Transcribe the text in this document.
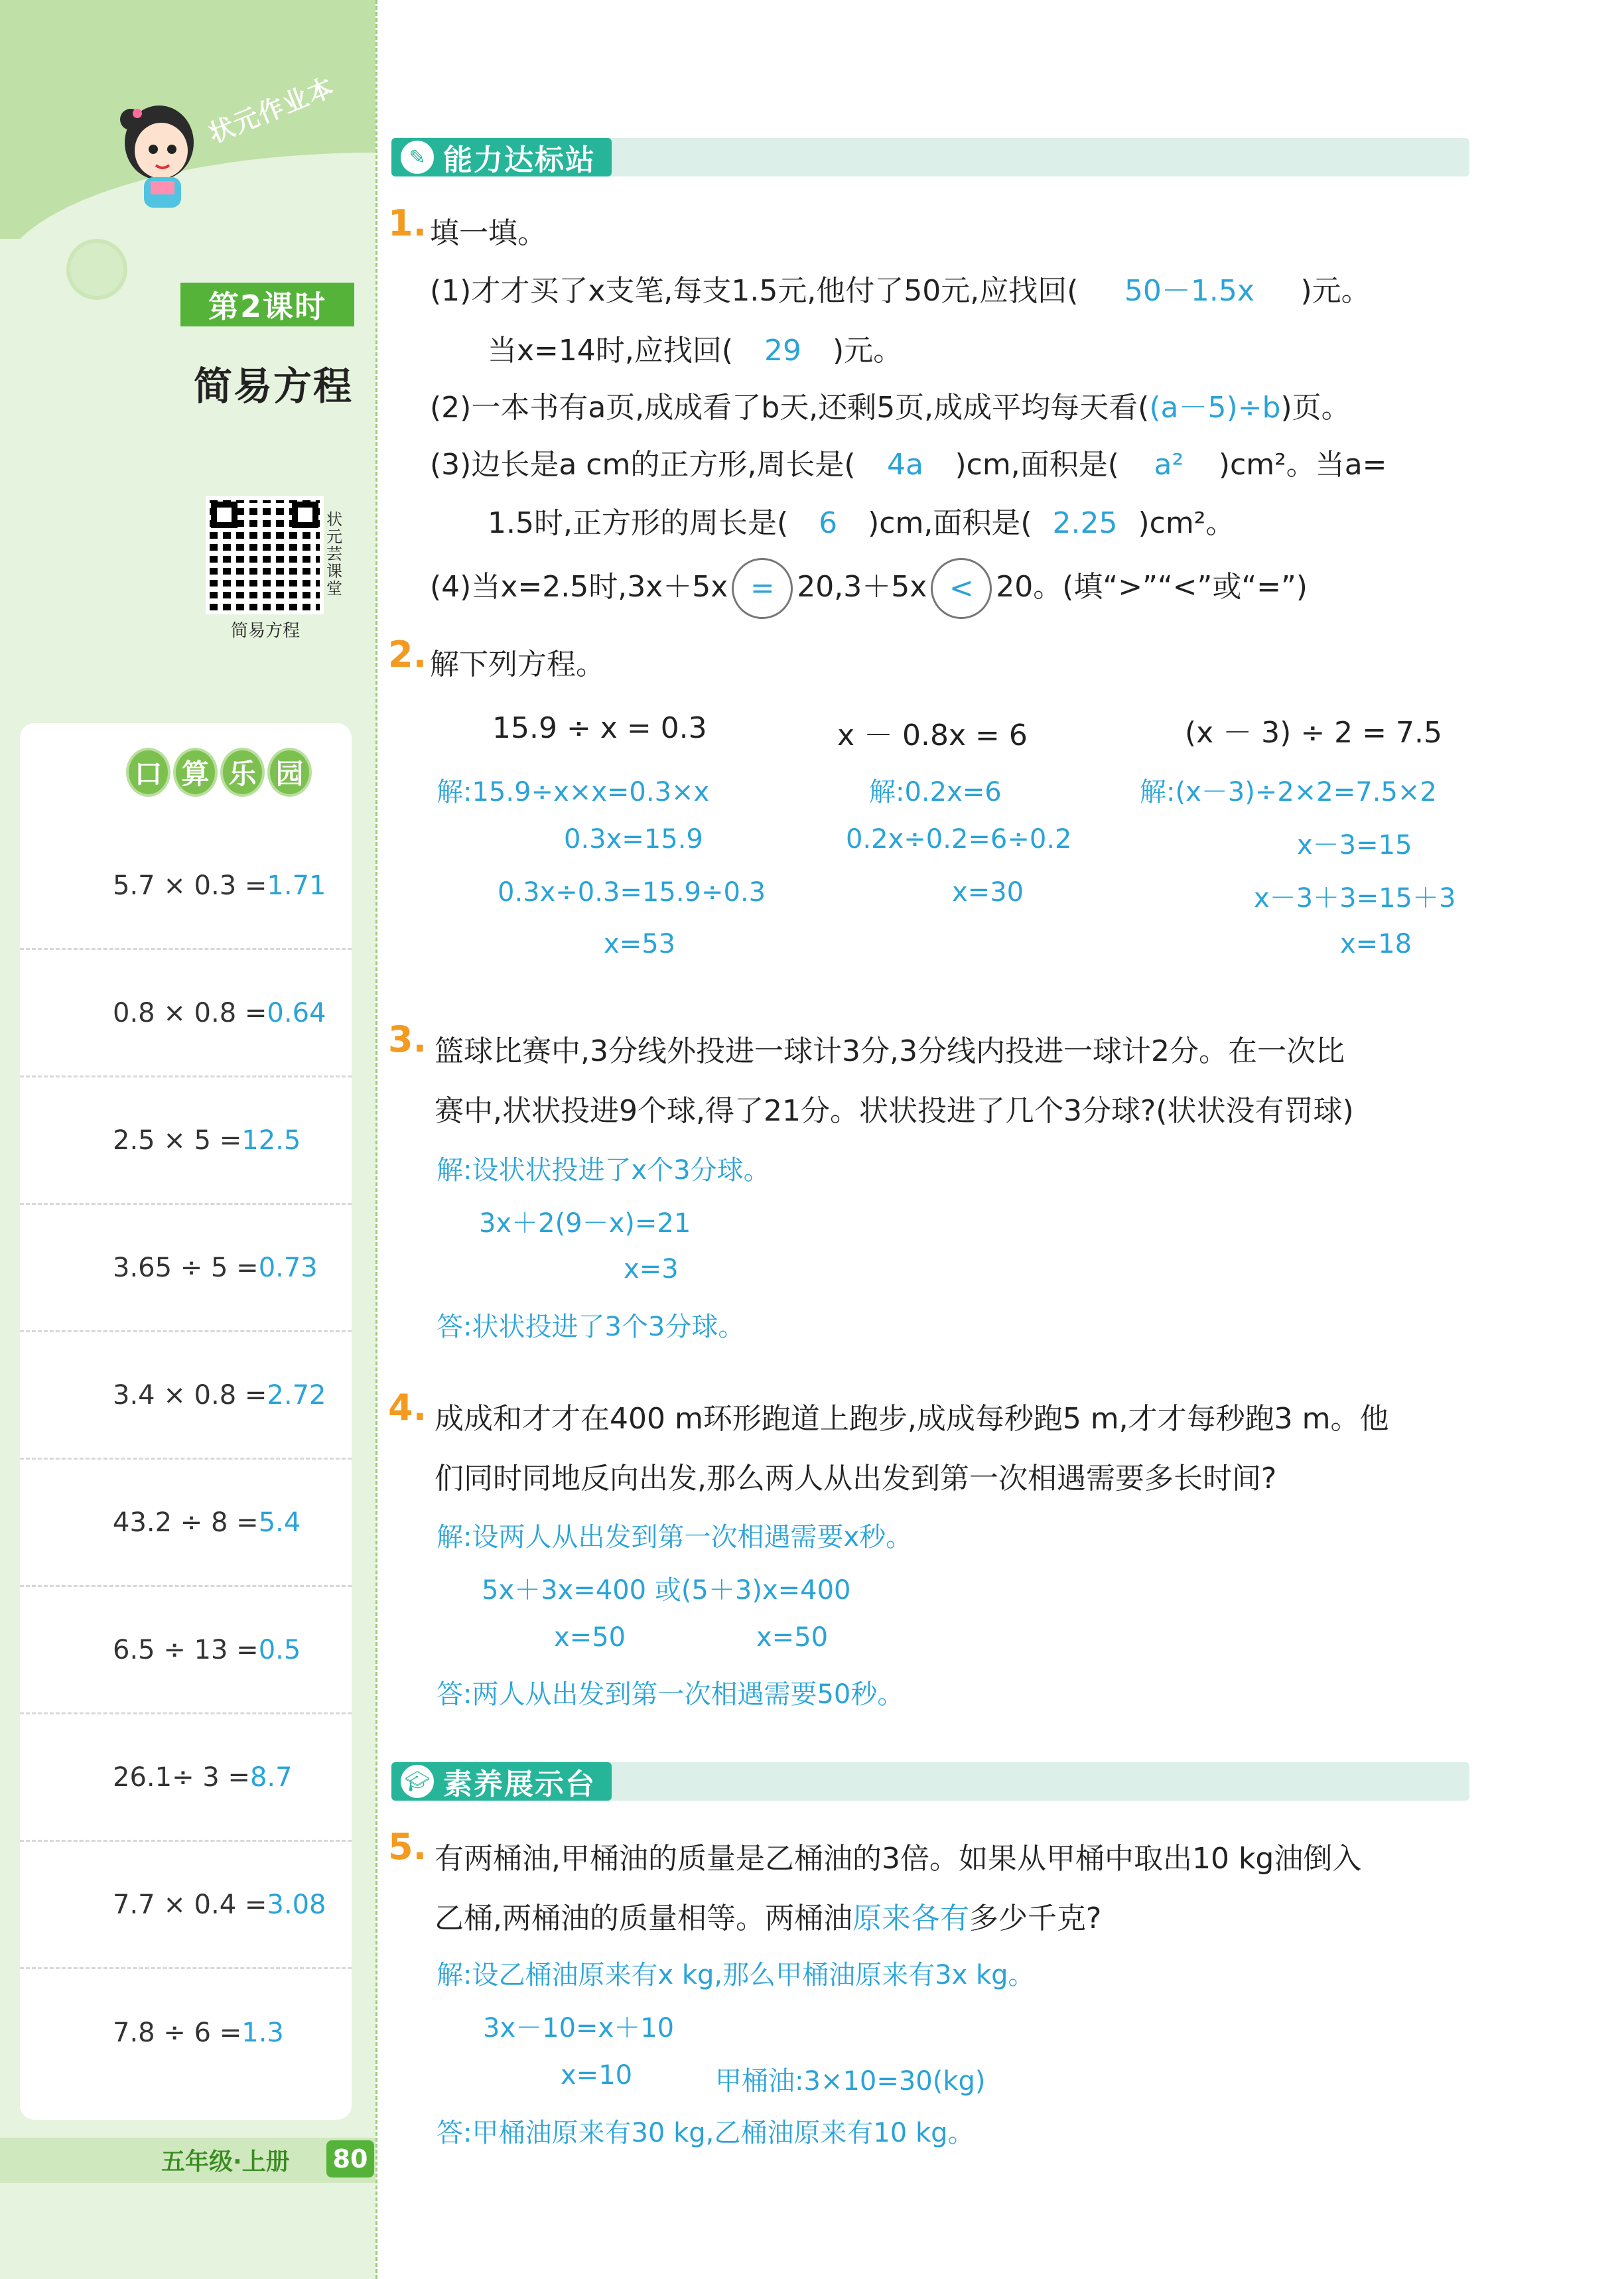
状元作业本
第2课时
简易方程
状元芸课堂
简易方程
口 算 乐 园
5.7 × 0.3 = 1.71
0.8 × 0.8 = 0.64
2.5 × 5 = 12.5
3.65 ÷ 5 = 0.73
3.4 × 0.8 = 2.72
43.2 ÷ 8 = 5.4
6.5 ÷ 13 = 0.5
26.1÷ 3 = 8.7
7.7 × 0.4 = 3.08
7.8 ÷ 6 = 1.3
五年级·上册 80
能力达标站
✎
1. 填一填。
(1)才才买了x支笔,每支1.5元,他付了50元,应找回( 50－1.5x )元。
当x=14时,应找回( 29 )元。
(2)一本书有a页,成成看了b天,还剩5页,成成平均每天看((a－5)÷b)页。
(3)边长是a cm的正方形,周长是( 4a )cm,面积是( a² )cm²。当a=
1.5时,正方形的周长是( 6 )cm,面积是( 2.25 )cm²。
(4)当x=2.5时,3x＋5x = 20,3＋5x < 20。(填“>”“<”或“=”)
2. 解下列方程。
15.9 ÷ x = 0.3	x － 0.8x = 6	(x － 3) ÷ 2 = 7.5
解:15.9÷x×x=0.3×x
0.3x=15.9
0.3x÷0.3=15.9÷0.3
x=53
解:0.2x=6
0.2x÷0.2=6÷0.2
x=30
解:(x－3)÷2×2=7.5×2
x－3=15
x－3＋3=15＋3
x=18
3. 篮球比赛中,3分线外投进一球计3分,3分线内投进一球计2分。在一次比
赛中,状状投进9个球,得了21分。状状投进了几个3分球?(状状没有罚球)
解:设状状投进了x个3分球。
3x＋2(9－x)=21
x=3
答:状状投进了3个3分球。
4. 成成和才才在400 m环形跑道上跑步,成成每秒跑5 m,才才每秒跑3 m。他
们同时同地反向出发,那么两人从出发到第一次相遇需要多长时间?
解:设两人从出发到第一次相遇需要x秒。
5x＋3x=400 或(5＋3)x=400
x=50	x=50
答:两人从出发到第一次相遇需要50秒。
素养展示台
🎓︎
5. 有两桶油,甲桶油的质量是乙桶油的3倍。如果从甲桶中取出10 kg油倒入
乙桶,两桶油的质量相等。两桶油原来各有多少千克?
解:设乙桶油原来有x kg,那么甲桶油原来有3x kg。
3x－10=x＋10
x=10	甲桶油:3×10=30(kg)
答:甲桶油原来有30 kg,乙桶油原来有10 kg。
